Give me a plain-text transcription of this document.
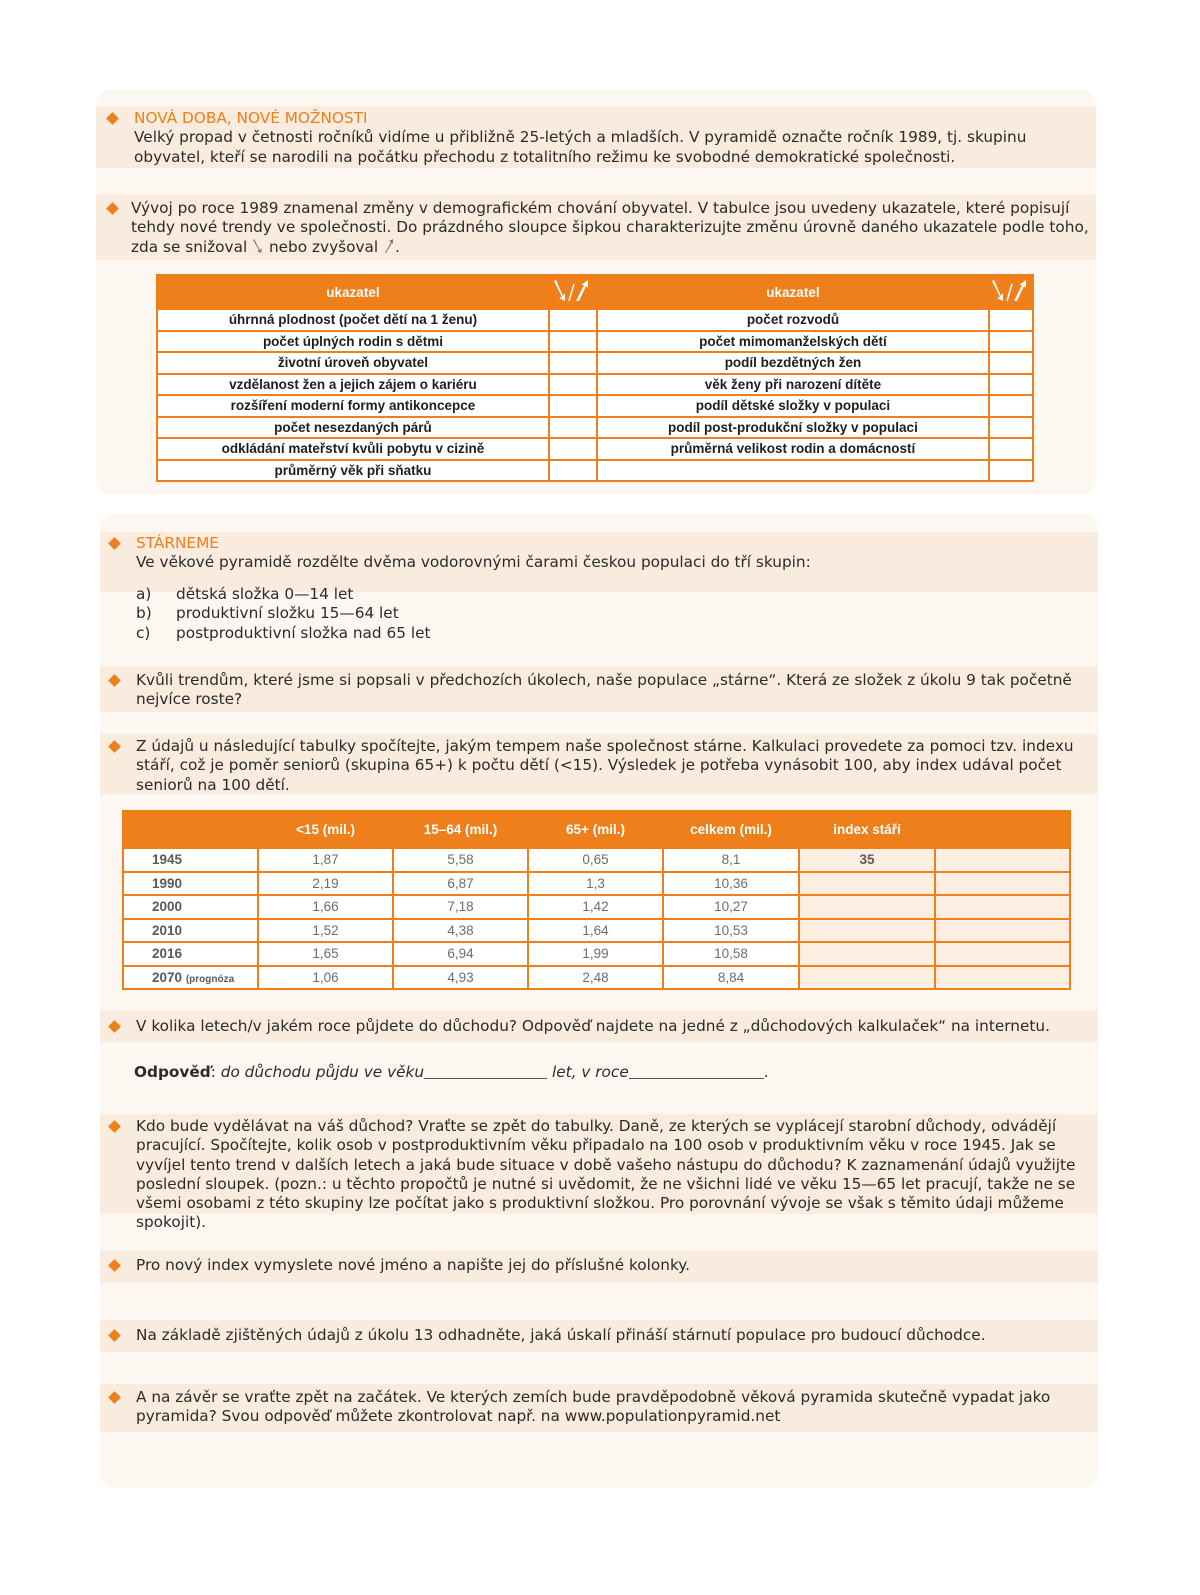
NOVÁ DOBA, NOVÉ MOŽNOSTI
Velký propad v četnosti ročníků vidíme u přibližně 25-letých a mladších. V pyramidě označte ročník 1989, tj. skupinu obyvatel, kteří se narodili na počátku přechodu z totalitního režimu ke svobodné demokratické společnosti.
Vývoj po roce 1989 znamenal změny v demografickém chování obyvatel. V tabulce jsou uvedeny ukazatele, které popisují tehdy nové trendy ve společnosti. Do prázdného sloupce šipkou charakterizujte změnu úrovně daného ukazatele podle toho, zda se snižoval nebo zvyšoval .
ukazatel		ukazatel	
úhrnná plodnost (počet dětí na 1 ženu)		počet rozvodů	
počet úplných rodin s dětmi		počet mimomanželských dětí	
životní úroveň obyvatel		podíl bezdětných žen	
vzdělanost žen a jejich zájem o kariéru		věk ženy při narození dítěte	
rozšíření moderní formy antikoncepce		podíl dětské složky v populaci	
počet nesezdaných párů		podíl post-produkční složky v populaci	
odkládání mateřství kvůli pobytu v cizině		průměrná velikost rodin a domácností	
průměrný věk při sňatku			
STÁRNEME
Ve věkové pyramidě rozdělte dvěma vodorovnými čarami českou populaci do tří skupin:
a) dětská složka 0—14 let
b) produktivní složku 15—64 let
c) postproduktivní složka nad 65 let
Kvůli trendům, které jsme si popsali v předchozích úkolech, naše populace „stárne“. Která ze složek z úkolu 9 tak početně nejvíce roste?
Z údajů u následující tabulky spočítejte, jakým tempem naše společnost stárne. Kalkulaci provedete za pomoci tzv. indexu stáří, což je poměr seniorů (skupina 65+) k počtu dětí (<15). Výsledek je potřeba vynásobit 100, aby index udával počet seniorů na 100 dětí.
	<15 (mil.)	15–64 (mil.)	65+ (mil.)	celkem (mil.)	index stáří	
1945	1,87	5,58	0,65	8,1	35	
1990	2,19	6,87	1,3	10,36		
2000	1,66	7,18	1,42	10,27		
2010	1,52	4,38	1,64	10,53		
2016	1,65	6,94	1,99	10,58		
2070 (prognóza	1,06	4,93	2,48	8,84		
V kolika letech/v jakém roce půjdete do důchodu? Odpověď najdete na jedné z „důchodových kalkulaček“ na internetu.
Odpověď: do důchodu půjdu ve věku	let, v roce	.
Kdo bude vydělávat na váš důchod? Vraťte se zpět do tabulky. Daně, ze kterých se vyplácejí starobní důchody, odvádějí pracující. Spočítejte, kolik osob v postproduktivním věku připadalo na 100 osob v produktivním věku v roce 1945. Jak se vyvíjel tento trend v dalších letech a jaká bude situace v době vašeho nástupu do důchodu? K zaznamenání údajů využijte poslední sloupek. (pozn.: u těchto propočtů je nutné si uvědomit, že ne všichni lidé ve věku 15—65 let pracují, takže ne se všemi osobami z této skupiny lze počítat jako s produktivní složkou. Pro porovnání vývoje se však s těmito údaji můžeme spokojit).
Pro nový index vymyslete nové jméno a napište jej do příslušné kolonky.
Na základě zjištěných údajů z úkolu 13 odhadněte, jaká úskalí přináší stárnutí populace pro budoucí důchodce.
A na závěr se vraťte zpět na začátek. Ve kterých zemích bude pravděpodobně věková pyramida skutečně vypadat jako pyramida? Svou odpověď můžete zkontrolovat např. na www.populationpyramid.net
